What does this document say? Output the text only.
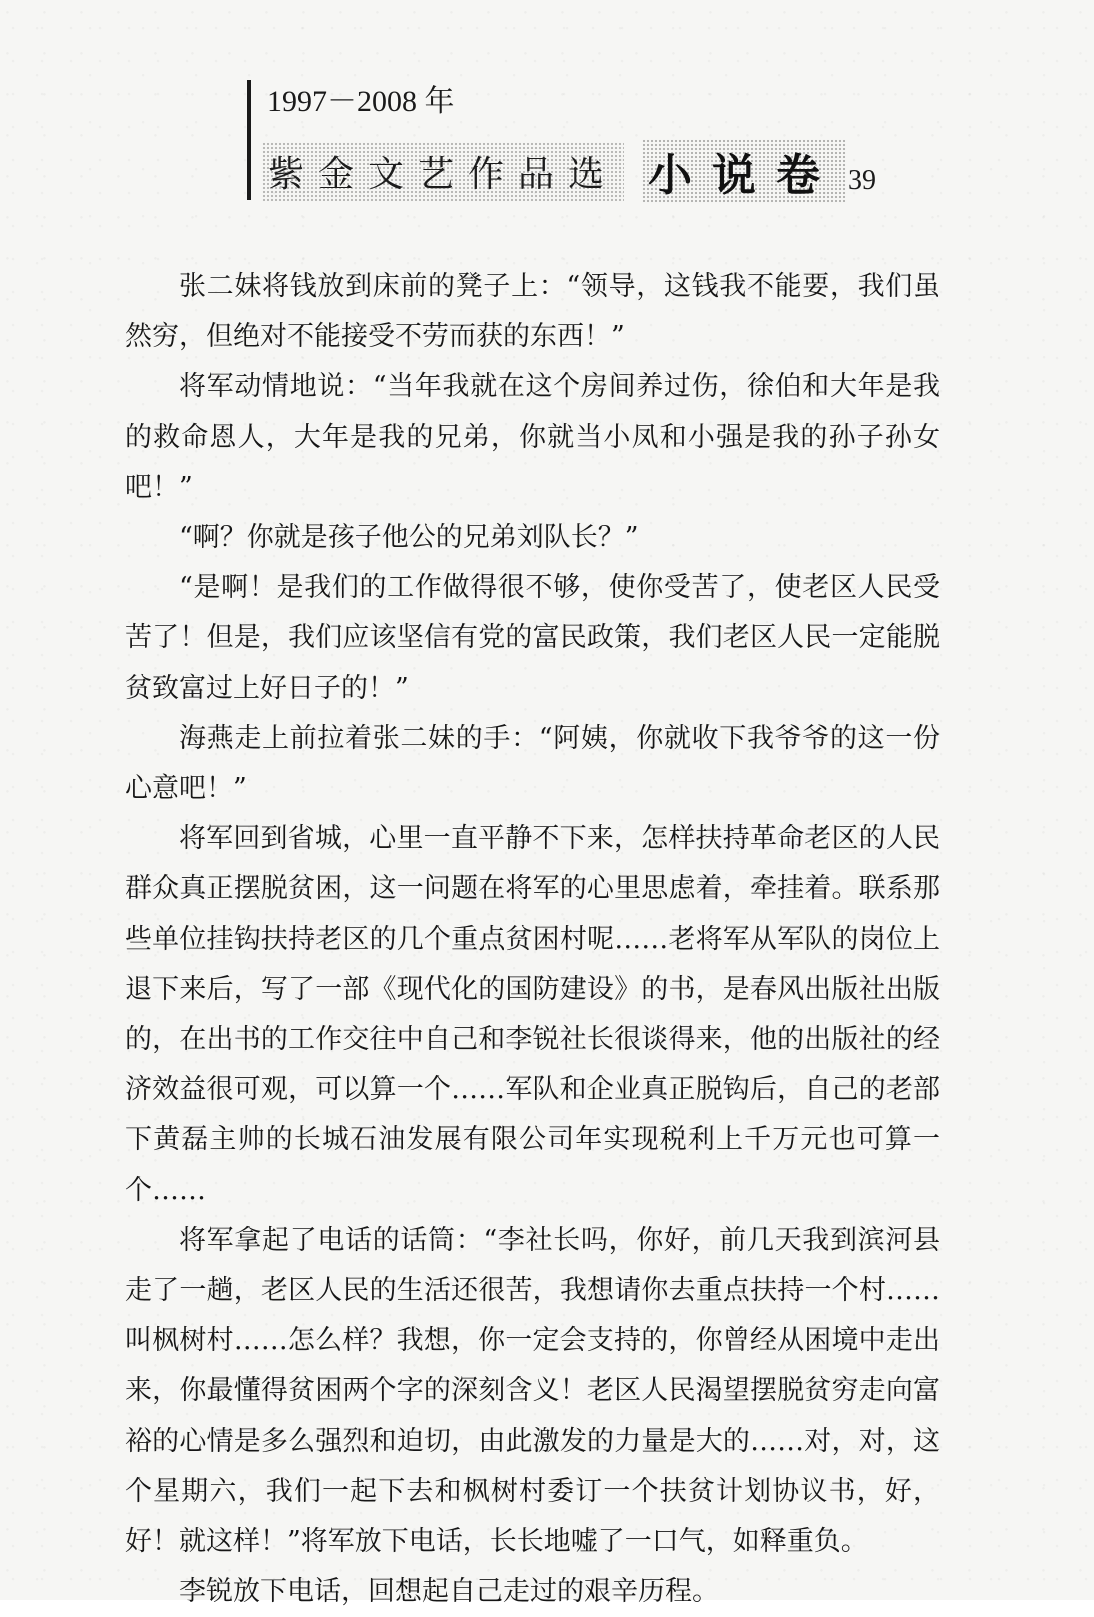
1997－2008 年
紫金文艺作品选 小说卷 39

张二妹将钱放到床前的凳子上：“领导，这钱我不能要，我们虽然穷，但绝对不能接受不劳而获的东西！”

将军动情地说：“当年我就在这个房间养过伤，徐伯和大年是我的救命恩人，大年是我的兄弟，你就当小凤和小强是我的孙子孙女吧！”

“啊？你就是孩子他公的兄弟刘队长？”

“是啊！是我们的工作做得很不够，使你受苦了，使老区人民受苦了！但是，我们应该坚信有党的富民政策，我们老区人民一定能脱贫致富过上好日子的！”

海燕走上前拉着张二妹的手：“阿姨，你就收下我爷爷的这一份心意吧！”

将军回到省城，心里一直平静不下来，怎样扶持革命老区的人民群众真正摆脱贫困，这一问题在将军的心里思虑着，牵挂着。联系那些单位挂钩扶持老区的几个重点贫困村呢……老将军从军队的岗位上退下来后，写了一部《现代化的国防建设》的书，是春风出版社出版的，在出书的工作交往中自己和李锐社长很谈得来，他的出版社的经济效益很可观，可以算一个……军队和企业真正脱钩后，自己的老部下黄磊主帅的长城石油发展有限公司年实现税利上千万元也可算一个……

将军拿起了电话的话筒：“李社长吗，你好，前几天我到滨河县走了一趟，老区人民的生活还很苦，我想请你去重点扶持一个村……叫枫树村……怎么样？我想，你一定会支持的，你曾经从困境中走出来，你最懂得贫困两个字的深刻含义！老区人民渴望摆脱贫穷走向富裕的心情是多么强烈和迫切，由此激发的力量是大的……对，对，这个星期六，我们一起下去和枫树村委订一个扶贫计划协议书，好，好！就这样！”将军放下电话，长长地嘘了一口气，如释重负。

李锐放下电话，回想起自己走过的艰辛历程。
